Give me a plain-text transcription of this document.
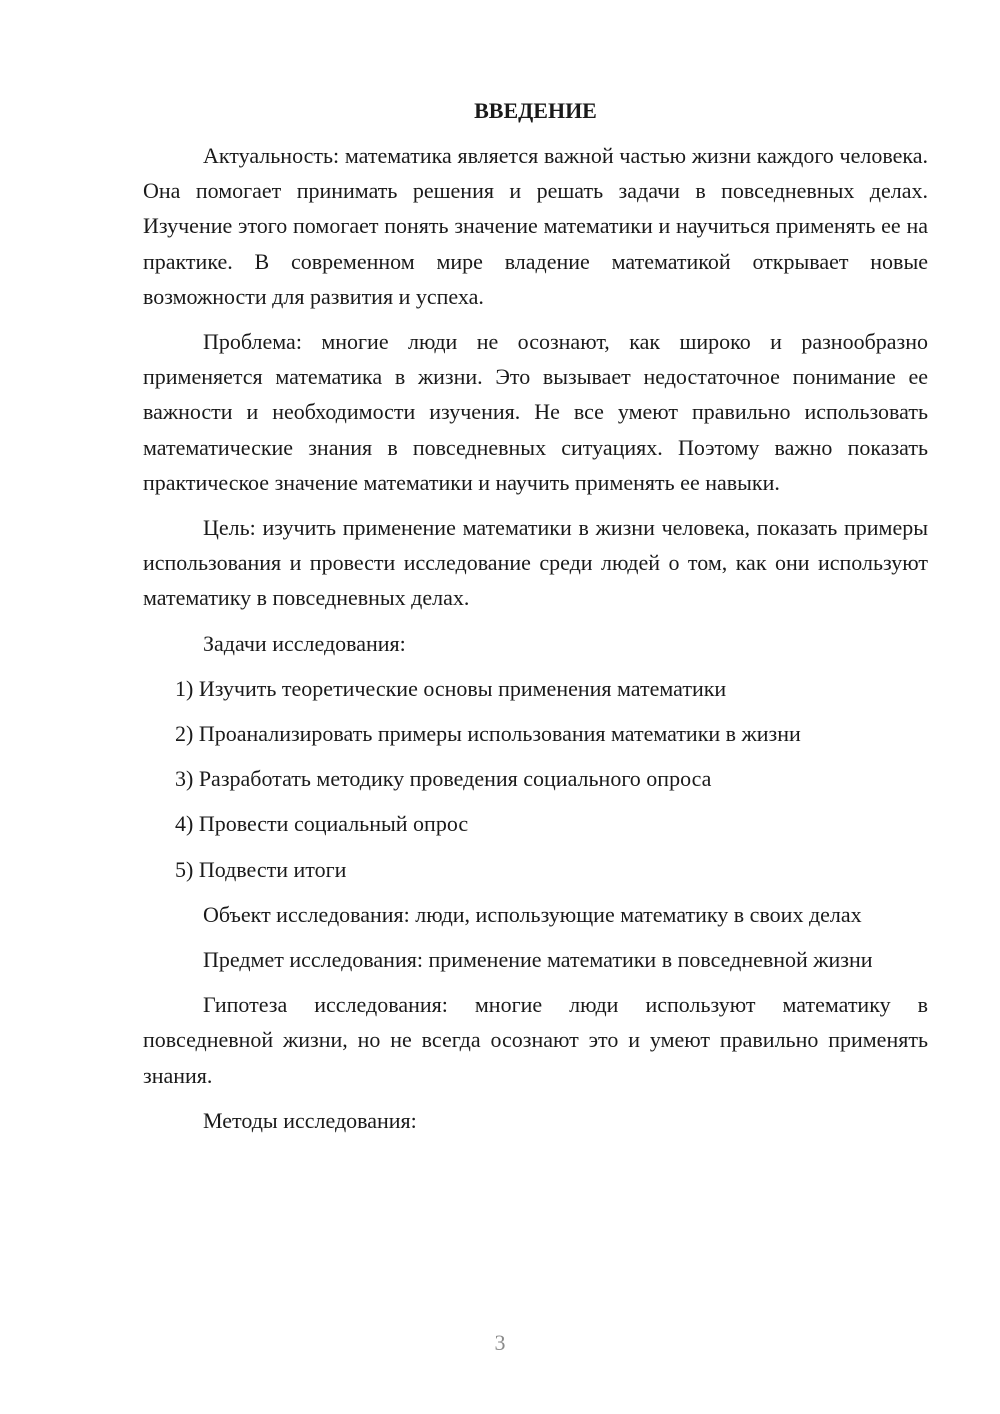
ВВЕДЕНИЕ

Актуальность: математика является важной частью жизни каждого человека. Она помогает принимать решения и решать задачи в повседневных делах. Изучение этого помогает понять значение математики и научиться применять ее на практике. В современном мире владение математикой открывает новые возможности для развития и успеха.

Проблема: многие люди не осознают, как широко и разнообразно применяется математика в жизни. Это вызывает недостаточное понимание ее важности и необходимости изучения. Не все умеют правильно использовать математические знания в повседневных ситуациях. Поэтому важно показать практическое значение математики и научить применять ее навыки.

Цель: изучить применение математики в жизни человека, показать примеры использования и провести исследование среди людей о том, как они используют математику в повседневных делах.

Задачи исследования:

1) Изучить теоретические основы применения математики
2) Проанализировать примеры использования математики в жизни
3) Разработать методику проведения социального опроса
4) Провести социальный опрос
5) Подвести итоги

Объект исследования: люди, использующие математику в своих делах

Предмет исследования: применение математики в повседневной жизни

Гипотеза исследования: многие люди используют математику в повседневной жизни, но не всегда осознают это и умеют правильно применять знания.

Методы исследования:

3
